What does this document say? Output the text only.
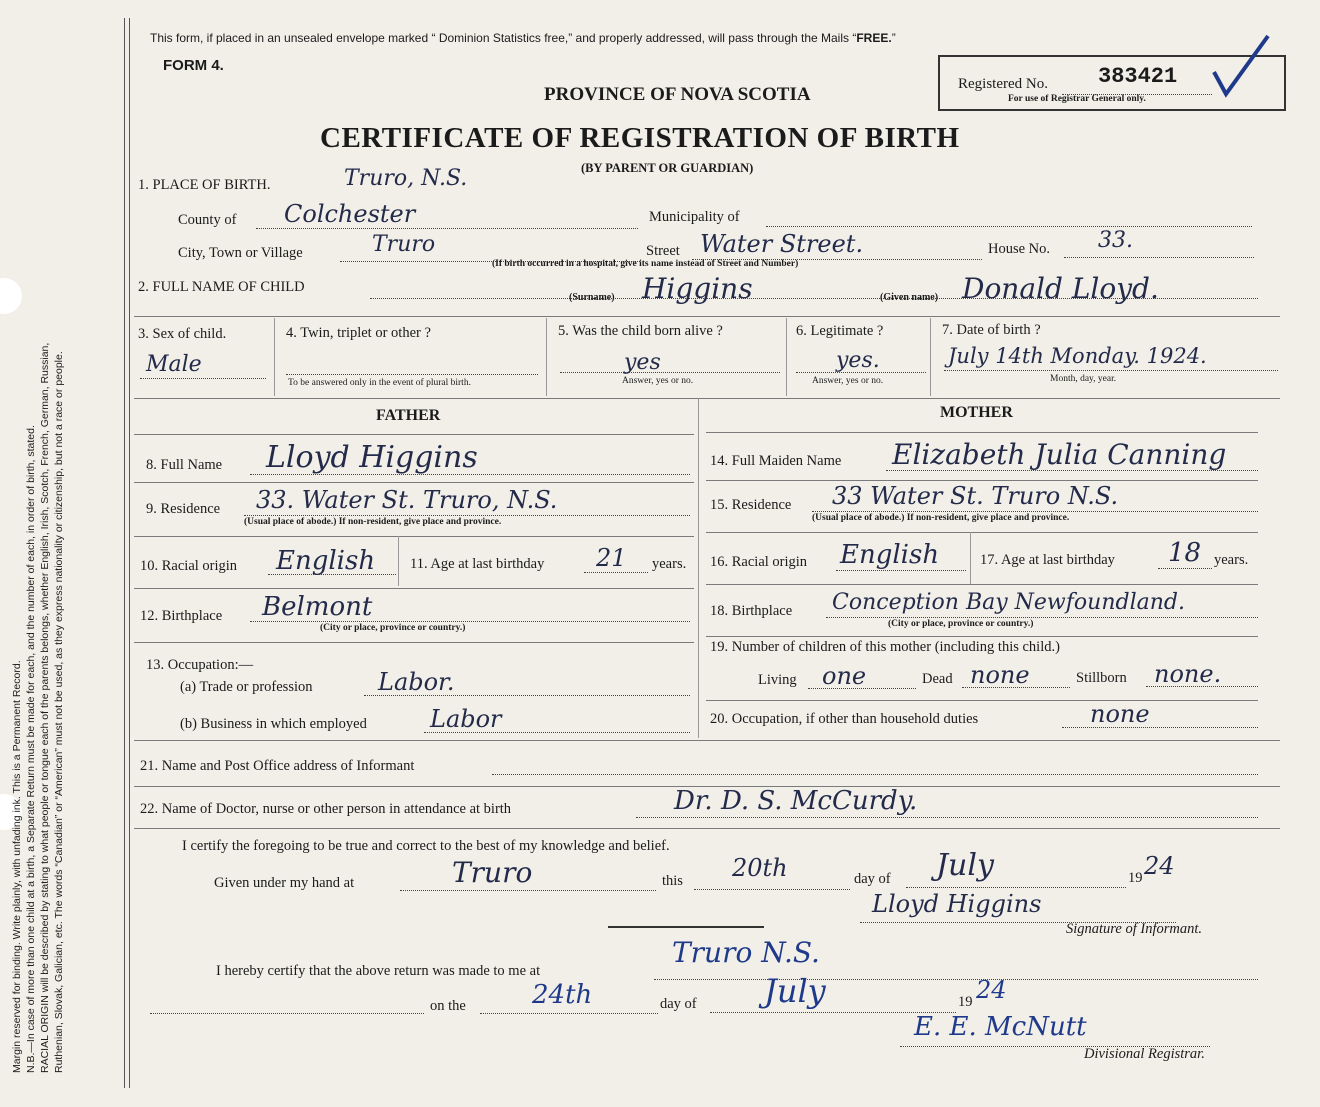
Margin reserved for binding. Write plainly, with unfading ink. This is a Permanent Record. N.B.—In case of more than one child at a birth, a Separate Return must be made for each, and the number of each, in order of birth, stated. RACIAL ORIGIN will be described by stating to what people or tongue each of the parents belongs, whether English, Irish, Scotch, French, German, Russian, Ruthenian, Slovak, Galician, etc. The words “Canadian” or “American” must not be used, as they express nationality or citizenship, but not a race or people.
This form, if placed in an unsealed envelope marked “ Dominion Statistics free,” and properly addressed, will pass through the Mails “FREE.”
FORM 4.
PROVINCE OF NOVA SCOTIA
CERTIFICATE OF REGISTRATION OF BIRTH
(BY PARENT OR GUARDIAN)
Registered No. 383421
For use of Registrar General only.
1. PLACE OF BIRTH.	Truro, N.S.
County of Colchester	Municipality of
City, Town or Village	Truro	Street Water Street.	House No. 33.
(If birth occurred in a hospital, give its name instead of Street and Number)
2. FULL NAME OF CHILD
(Surname) Higgins	(Given name) Donald Lloyd.
3. Sex of child.
Male
4. Twin, triplet or other ?
To be answered only in the event of plural birth.
5. Was the child born alive ?
yes
Answer, yes or no.
6. Legitimate ?
yes.
Answer, yes or no.
7. Date of birth ?
July 14th Monday. 1924.
Month, day, year.
FATHER	MOTHER
8. Full Name Lloyd Higgins
9. Residence 33. Water St. Truro, N.S.
(Usual place of abode.) If non-resident, give place and province.
10. Racial origin English 11. Age at last birthday 21 years.
12. Birthplace Belmont
(City or place, province or country.)
13. Occupation:—
(a) Trade or profession	Labor.
(b) Business in which employed	Labor
14. Full Maiden Name Elizabeth Julia Canning
15. Residence 33 Water St. Truro N.S.
(Usual place of abode.) If non-resident, give place and province.
16. Racial origin English	17. Age at last birthday 18 years.
18. Birthplace Conception Bay Newfoundland.
(City or place, province or country.)
19. Number of children of this mother (including this child.)
Living one	Dead none	Stillborn none.
20. Occupation, if other than household duties	none
21. Name and Post Office address of Informant
22. Name of Doctor, nurse or other person in attendance at birth	Dr. D. S. McCurdy.
I certify the foregoing to be true and correct to the best of my knowledge and belief.
Given under my hand at	Truro	this 20th	day of July	19 24
Lloyd Higgins
Signature of Informant.
I hereby certify that the above return was made to me at
Truro N.S.
on the	24th	day of July	19 24
E. E. McNutt
Divisional Registrar.
